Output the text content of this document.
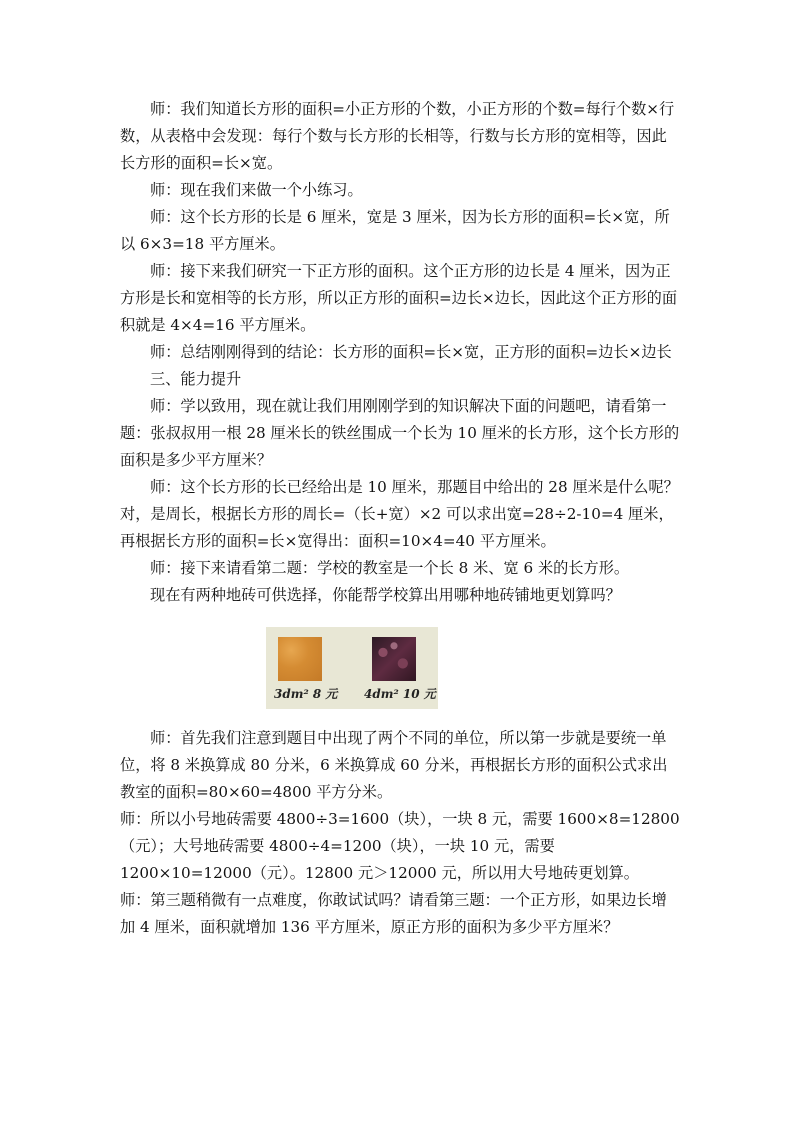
师：我们知道长方形的面积=小正方形的个数，小正方形的个数=每行个数×行数，从表格中会发现：每行个数与长方形的长相等，行数与长方形的宽相等，因此长方形的面积=长×宽。

师：现在我们来做一个小练习。

师：这个长方形的长是 6 厘米，宽是 3 厘米，因为长方形的面积=长×宽，所以 6×3=18 平方厘米。

师：接下来我们研究一下正方形的面积。这个正方形的边长是 4 厘米，因为正方形是长和宽相等的长方形，所以正方形的面积=边长×边长，因此这个正方形的面积就是 4×4=16 平方厘米。

师：总结刚刚得到的结论：长方形的面积=长×宽，正方形的面积=边长×边长

三、能力提升

师：学以致用，现在就让我们用刚刚学到的知识解决下面的问题吧，请看第一题：张叔叔用一根 28 厘米长的铁丝围成一个长为 10 厘米的长方形，这个长方形的面积是多少平方厘米？

师：这个长方形的长已经给出是 10 厘米，那题目中给出的 28 厘米是什么呢？对，是周长，根据长方形的周长=（长+宽）×2 可以求出宽=28÷2-10=4 厘米，再根据长方形的面积=长×宽得出：面积=10×4=40 平方厘米。

师：接下来请看第二题：学校的教室是一个长 8 米、宽 6 米的长方形。

现在有两种地砖可供选择，你能帮学校算出用哪种地砖铺地更划算吗？

3dm² 8 元 4dm² 10 元

师：首先我们注意到题目中出现了两个不同的单位，所以第一步就是要统一单位，将 8 米换算成 80 分米，6 米换算成 60 分米，再根据长方形的面积公式求出教室的面积=80×60=4800 平方分米。

师：所以小号地砖需要 4800÷3=1600（块），一块 8 元，需要 1600×8=12800（元）；大号地砖需要 4800÷4=1200（块），一块 10 元，需要 1200×10=12000（元）。12800 元＞12000 元，所以用大号地砖更划算。

师：第三题稍微有一点难度，你敢试试吗？请看第三题：一个正方形，如果边长增加 4 厘米，面积就增加 136 平方厘米，原正方形的面积为多少平方厘米？
